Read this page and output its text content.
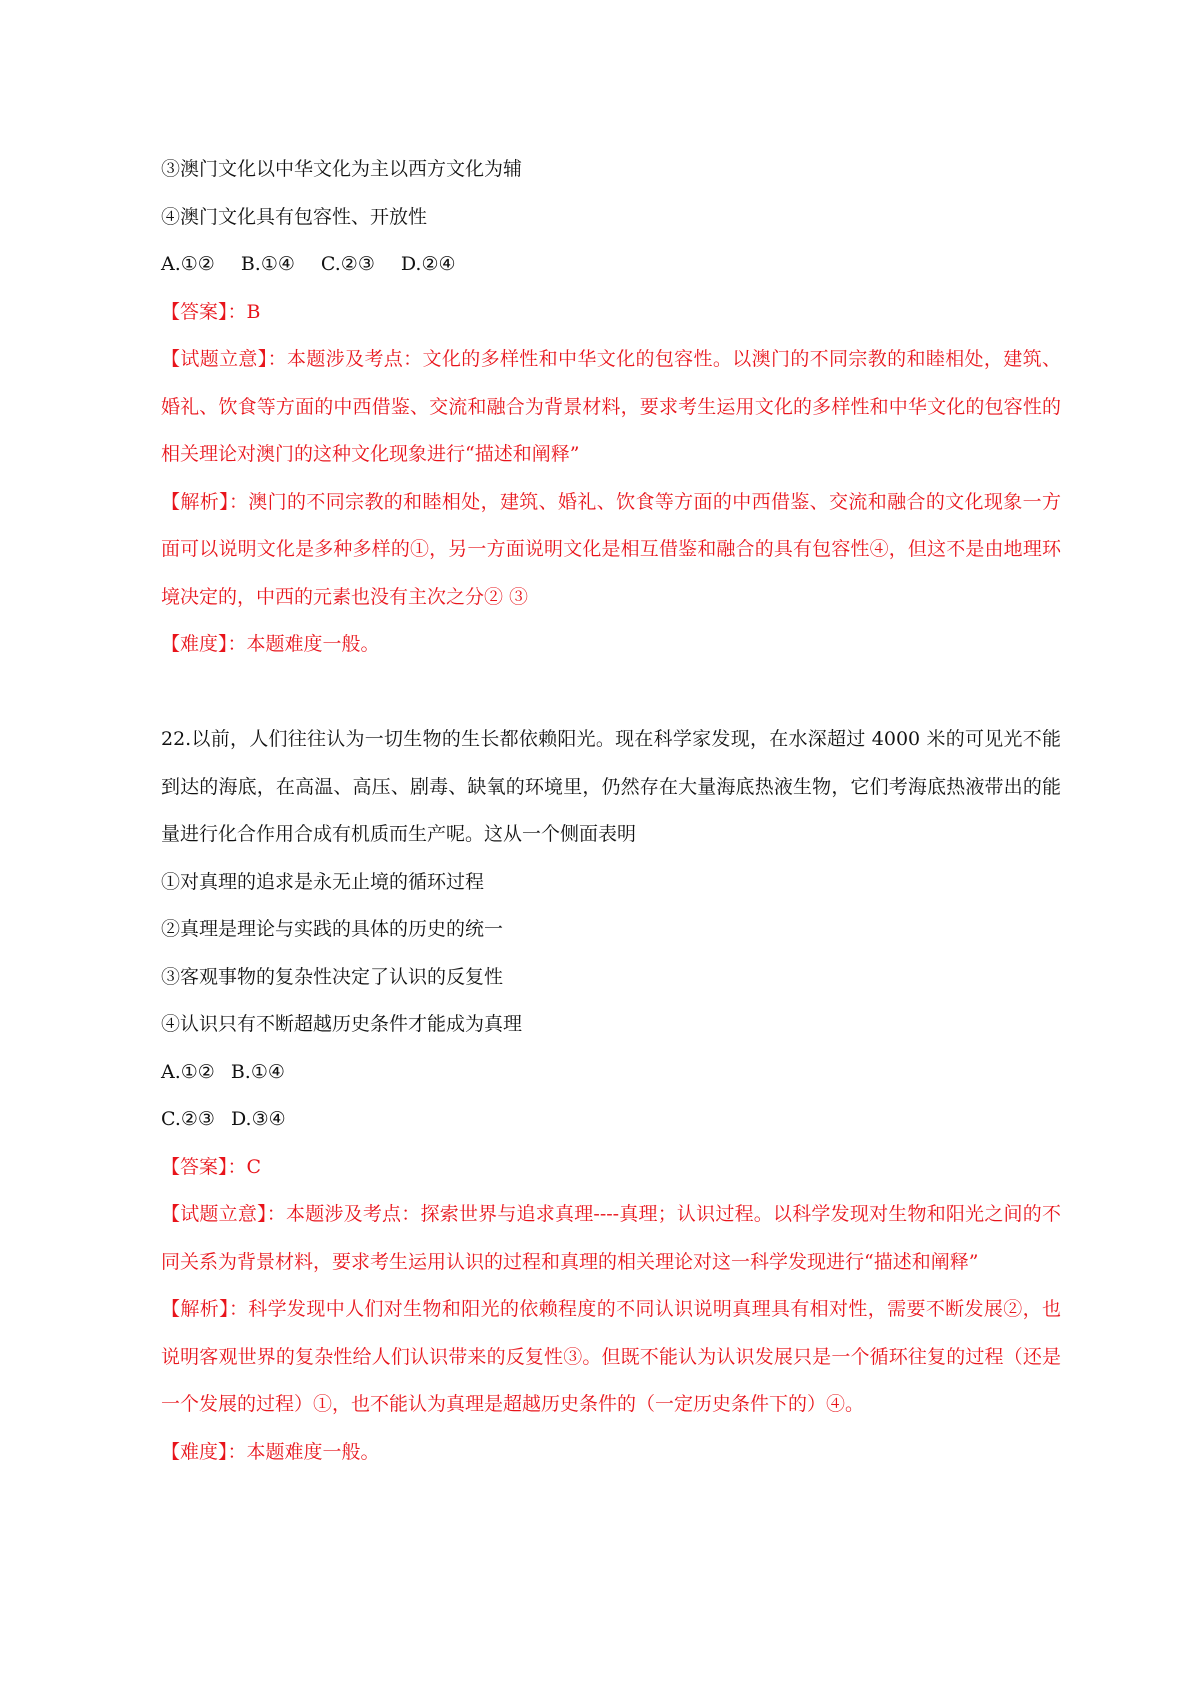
③澳门文化以中华文化为主以西方文化为辅
④澳门文化具有包容性、开放性
A.①② B.①④ C.②③ D.②④
【答案】：B
【试题立意】：本题涉及考点：文化的多样性和中华文化的包容性。以澳门的不同宗教的和睦相处，建筑、婚礼、饮食等方面的中西借鉴、交流和融合为背景材料，要求考生运用文化的多样性和中华文化的包容性的相关理论对澳门的这种文化现象进行“描述和阐释”
【解析】：澳门的不同宗教的和睦相处，建筑、婚礼、饮食等方面的中西借鉴、交流和融合的文化现象一方面可以说明文化是多种多样的①，另一方面说明文化是相互借鉴和融合的具有包容性④，但这不是由地理环境决定的，中西的元素也没有主次之分② ③
【难度】：本题难度一般。
22.以前，人们往往认为一切生物的生长都依赖阳光。现在科学家发现，在水深超过 4000 米的可见光不能到达的海底，在高温、高压、剧毒、缺氧的环境里，仍然存在大量海底热液生物，它们考海底热液带出的能量进行化合作用合成有机质而生产呢。这从一个侧面表明
①对真理的追求是永无止境的循环过程
②真理是理论与实践的具体的历史的统一
③客观事物的复杂性决定了认识的反复性
④认识只有不断超越历史条件才能成为真理
A.①② B.①④
C.②③ D.③④
【答案】：C
【试题立意】：本题涉及考点：探索世界与追求真理----真理；认识过程。以科学发现对生物和阳光之间的不同关系为背景材料，要求考生运用认识的过程和真理的相关理论对这一科学发现进行“描述和阐释”
【解析】：科学发现中人们对生物和阳光的依赖程度的不同认识说明真理具有相对性，需要不断发展②，也说明客观世界的复杂性给人们认识带来的反复性③。但既不能认为认识发展只是一个循环往复的过程（还是一个发展的过程）①，也不能认为真理是超越历史条件的（一定历史条件下的）④。
【难度】：本题难度一般。
